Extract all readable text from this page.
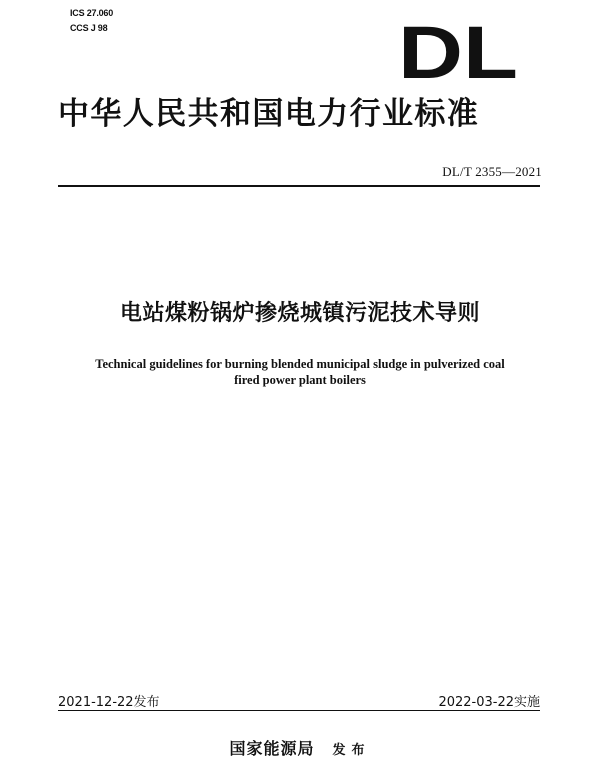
ICS 27.060
CCS J 98	DL
中华人民共和国电力行业标准
DL/T 2355—2021
电站煤粉锅炉掺烧城镇污泥技术导则
Technical guidelines for burning blended municipal sludge in pulverized coal
fired power plant boilers
2021-12-22发布	2022-03-22实施
国家能源局 发布
